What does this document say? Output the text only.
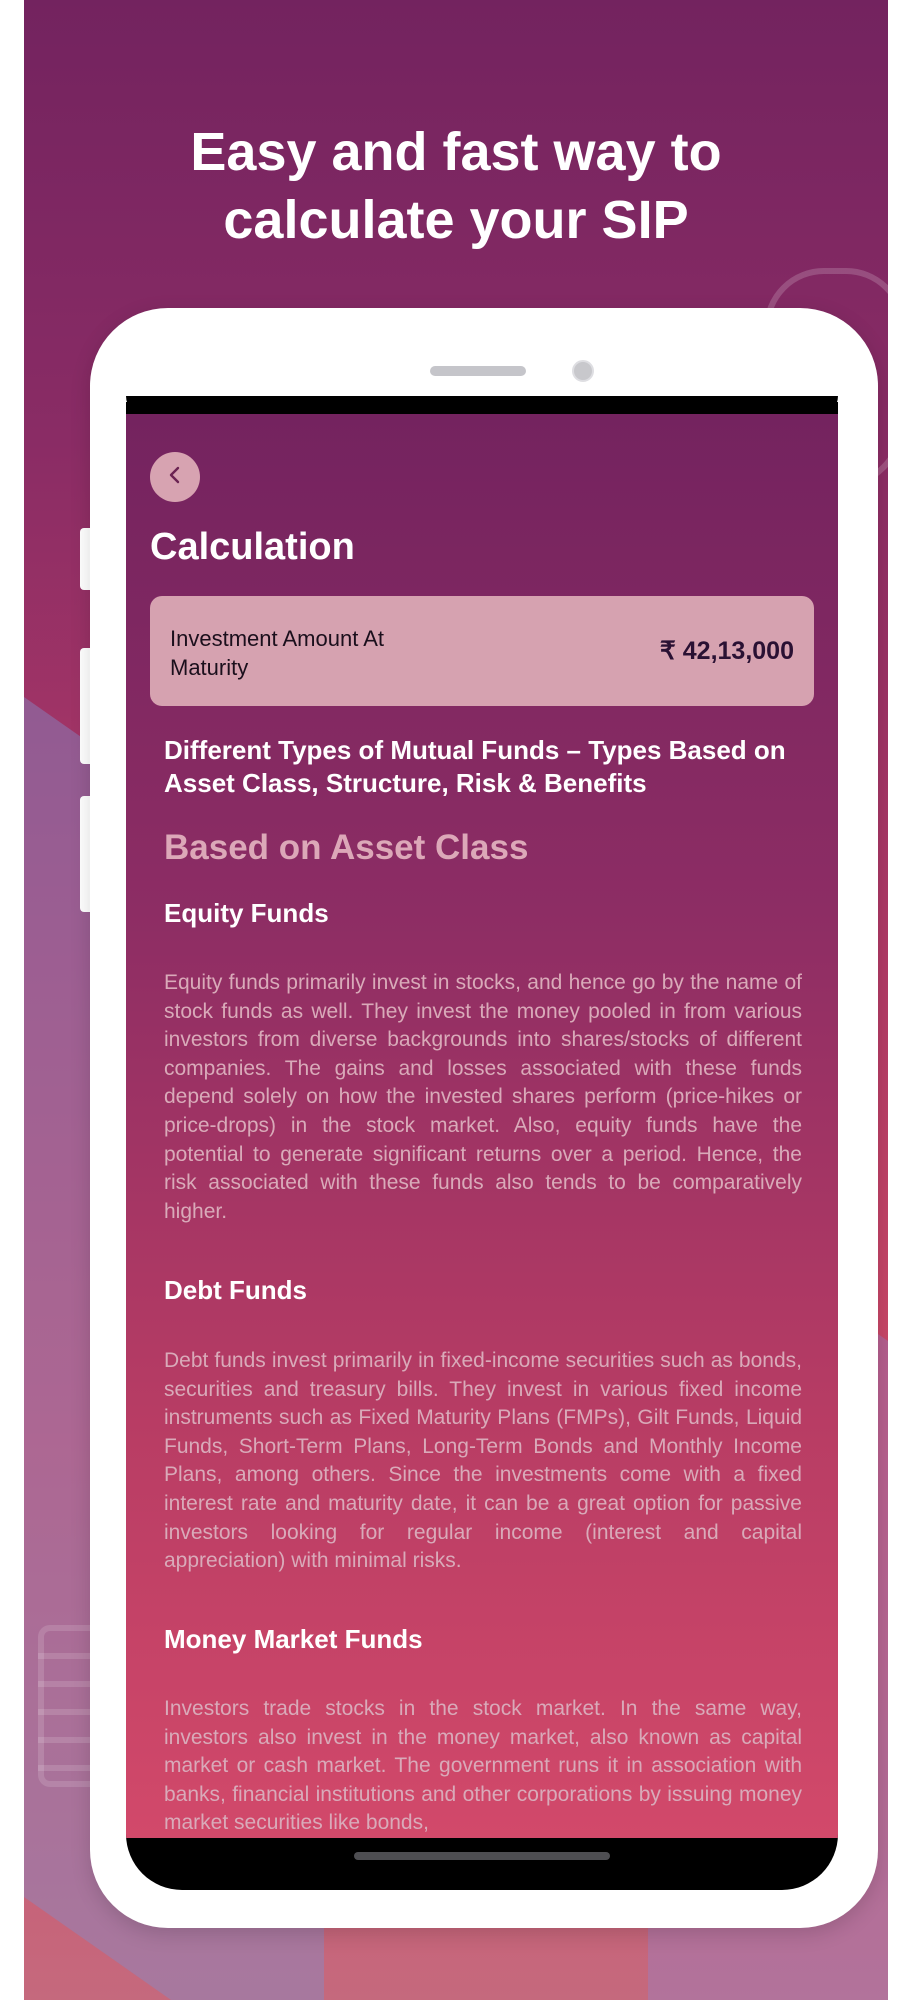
Easy and fast way to
calculate your SIP
Calculation
Investment Amount At Maturity
₹ 42,13,000
Different Types of Mutual Funds – Types Based on Asset Class, Structure, Risk & Benefits
Based on Asset Class
Equity Funds

Equity funds primarily invest in stocks, and hence go by the name of stock funds as well. They invest the money pooled in from various investors from diverse backgrounds into shares/stocks of different companies. The gains and losses associated with these funds depend solely on how the invested shares perform (price-hikes or price-drops) in the stock market. Also, equity funds have the potential to generate significant returns over a period. Hence, the risk associated with these funds also tends to be comparatively higher.

Debt Funds

Debt funds invest primarily in fixed-income securities such as bonds, securities and treasury bills. They invest in various fixed income instruments such as Fixed Maturity Plans (FMPs), Gilt Funds, Liquid Funds, Short-Term Plans, Long-Term Bonds and Monthly Income Plans, among others. Since the investments come with a fixed interest rate and maturity date, it can be a great option for passive investors looking for regular income (interest and capital appreciation) with minimal risks.

Money Market Funds

Investors trade stocks in the stock market. In the same way, investors also invest in the money market, also known as capital market or cash market. The government runs it in association with banks, financial institutions and other corporations by issuing money market securities like bonds,
